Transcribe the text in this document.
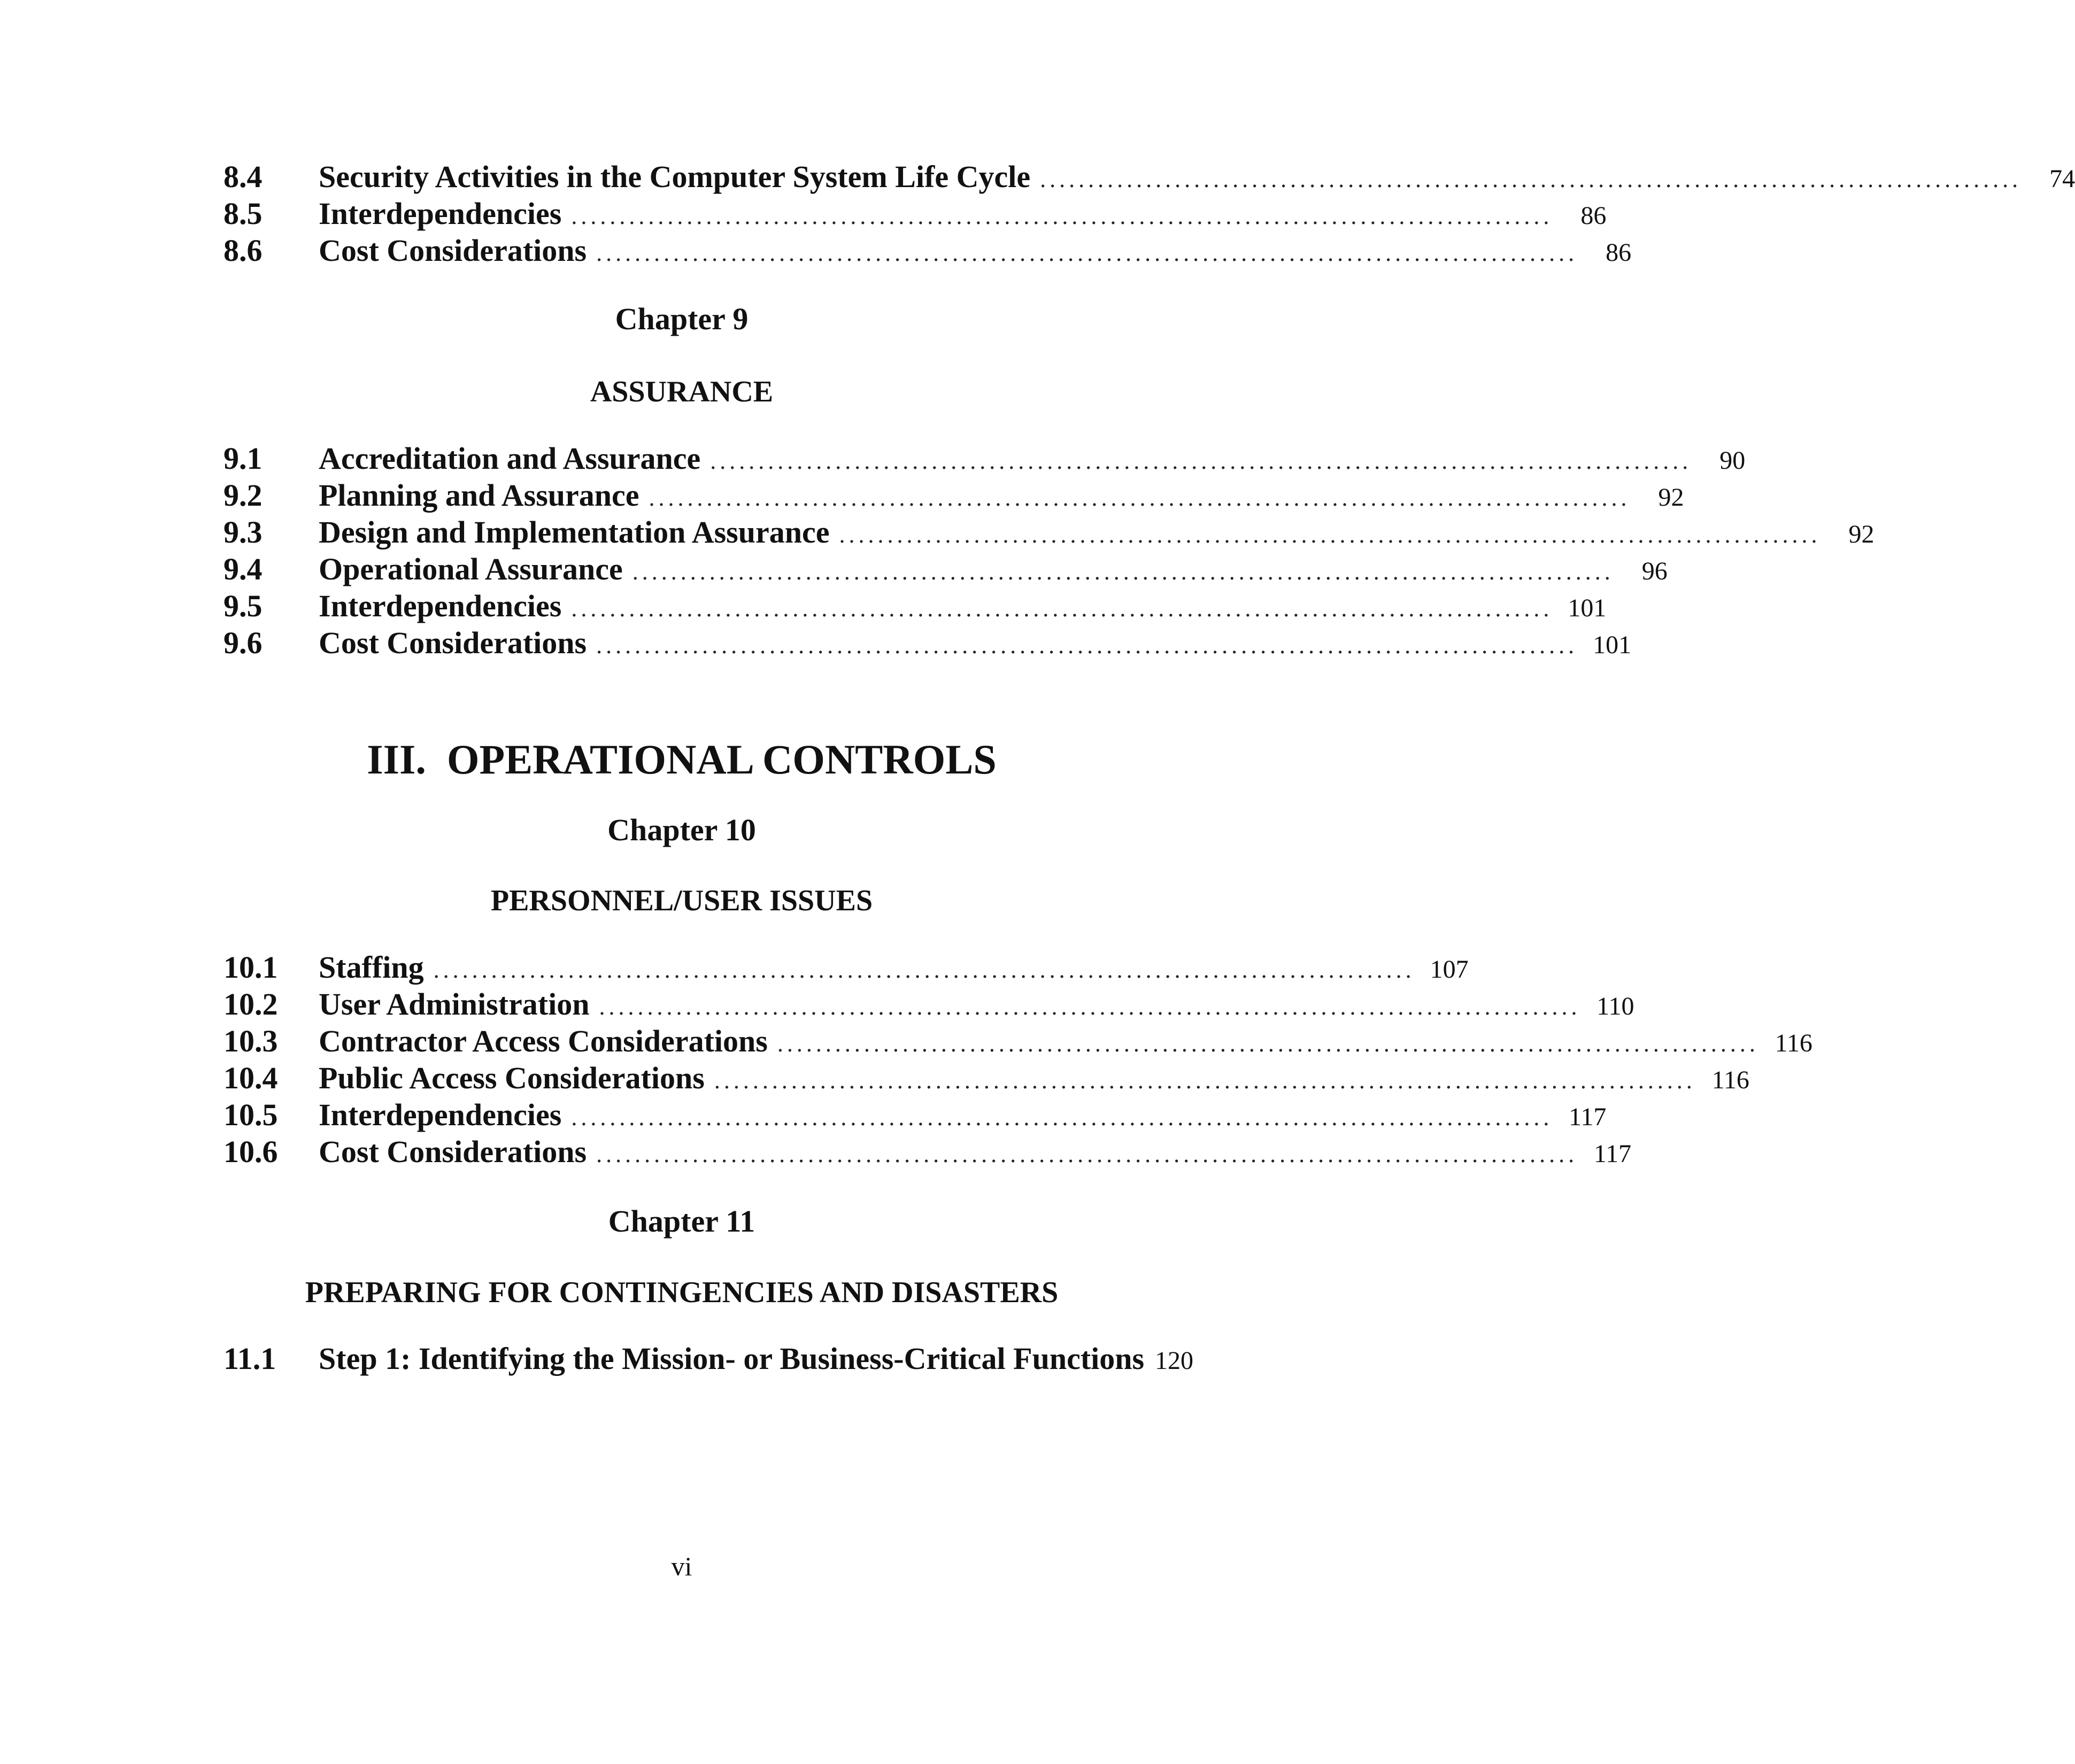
8.4	Security Activities in the Computer System Life Cycle ......................................................................................................	74
8.5	Interdependencies ......................................................................................................	86
8.6	Cost Considerations ......................................................................................................	86
Chapter 9
ASSURANCE
9.1	Accreditation and Assurance ......................................................................................................	90
9.2	Planning and Assurance ......................................................................................................	92
9.3	Design and Implementation Assurance ......................................................................................................	92
9.4	Operational Assurance ......................................................................................................	96
9.5	Interdependencies ...................................................................................................... 101
9.6	Cost Considerations ...................................................................................................... 101
III.  OPERATIONAL CONTROLS
Chapter 10
PERSONNEL/USER ISSUES
10.1	Staffing ...................................................................................................... 107
10.2	User Administration ...................................................................................................... 110
10.3	Contractor Access Considerations ...................................................................................................... 116
10.4	Public Access Considerations ...................................................................................................... 116
10.5	Interdependencies ...................................................................................................... 117
10.6	Cost Considerations ...................................................................................................... 117
Chapter 11
PREPARING FOR CONTINGENCIES AND DISASTERS
11.1	Step 1: Identifying the Mission- or Business-Critical Functions 120
vi
